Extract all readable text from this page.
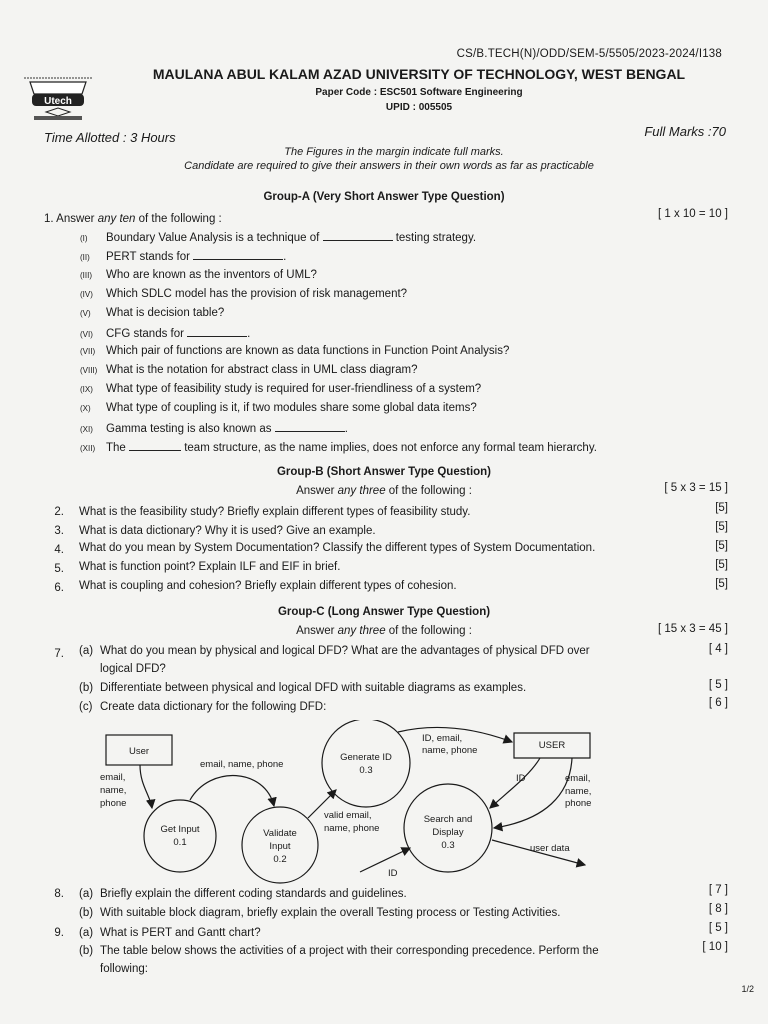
CS/B.TECH(N)/ODD/SEM-5/5505/2023-2024/I138
Utech
MAULANA ABUL KALAM AZAD UNIVERSITY OF TECHNOLOGY, WEST BENGAL
Paper Code : ESC501 Software Engineering
UPID : 005505
Time Allotted : 3 Hours	Full Marks :70
The Figures in the margin indicate full marks.
Candidate are required to give their answers in their own words as far as practicable
Group-A (Very Short Answer Type Question)
1. Answer any ten of the following :	[ 1 x 10 = 10 ]
(I) Boundary Value Analysis is a technique of	testing strategy.
(II) PERT stands for	.
(III) Who are known as the inventors of UML?
(IV) Which SDLC model has the provision of risk management?
(V) What is decision table?
(VI) CFG stands for	.
(VII) Which pair of functions are known as data functions in Function Point Analysis?
(VIII) What is the notation for abstract class in UML class diagram?
(IX) What type of feasibility study is required for user-friendliness of a system?
(X) What type of coupling is it, if two modules share some global data items?
(XI) Gamma testing is also known as	.
(XII) The	team structure, as the name implies, does not enforce any formal team hierarchy.
Group-B (Short Answer Type Question)
Answer any three of the following :	[ 5 x 3 = 15 ]
2. What is the feasibility study? Briefly explain different types of feasibility study.	[5]
3. What is data dictionary? Why it is used? Give an example.	[5]
4. What do you mean by System Documentation? Classify the different types of System Documentation.	[5]
5. What is function point? Explain ILF and EIF in brief.	[5]
6. What is coupling and cohesion? Briefly explain different types of cohesion.	[5]
Group-C (Long Answer Type Question)
Answer any three of the following :	[ 15 x 3 = 45 ]
7. (a) What do you mean by physical and logical DFD? What are the advantages of physical DFD over
logical DFD?
[ 4 ]
(b) Differentiate between physical and logical DFD with suitable diagrams as examples.	[ 5 ]
(c) Create data dictionary for the following DFD:	[ 6 ]
User
USER
Generate ID
0.3
Get Input
0.1
Validate
Input
0.2
Search and
Display
0.3
email,
name,
phone
email, name, phone
valid email,
name, phone
ID, email,
name, phone
ID	email,
name,
phone
user data
ID
8. (a) Briefly explain the different coding standards and guidelines.	[ 7 ]
(b) With suitable block diagram, briefly explain the overall Testing process or Testing Activities.	[ 8 ]
9. (a) What is PERT and Gantt chart?	[ 5 ]
(b) The table below shows the activities of a project with their corresponding precedence. Perform the
following:
[ 10 ]
1/2
